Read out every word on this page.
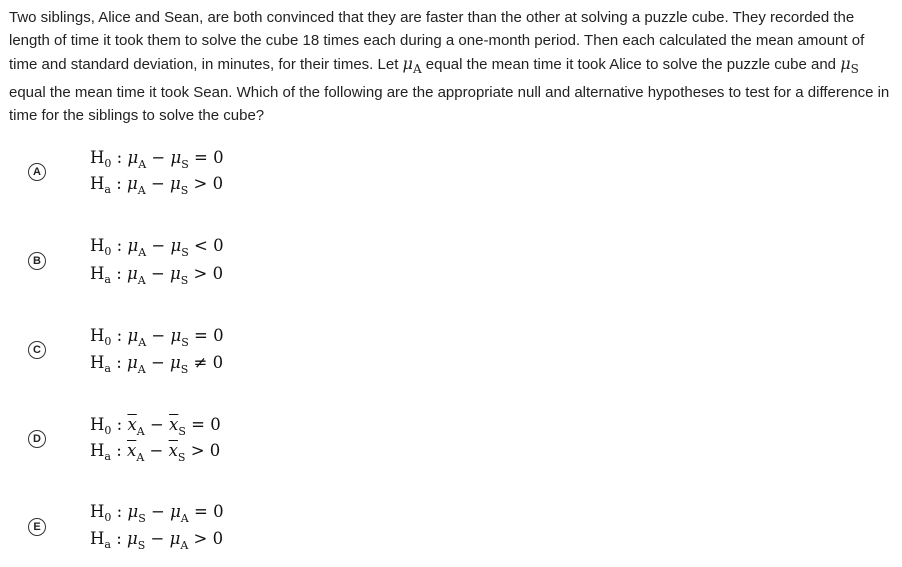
Two siblings, Alice and Sean, are both convinced that they are faster than the other at solving a puzzle cube. They recorded the length of time it took them to solve the cube 18 times each during a one-month period. Then each calculated the mean amount of time and standard deviation, in minutes, for their times. Let $\mu_A$ equal the mean time it took Alice to solve the puzzle cube and $\mu_S$ equal the mean time it took Sean. Which of the following are the appropriate null and alternative hypotheses to test for a difference in time for the siblings to solve the cube?

A
$H_0$ : $\mu_A - \mu_S = 0$
$H_a$ : $\mu_A - \mu_S > 0$
B
$H_0$ : $\mu_A - \mu_S < 0$
$H_a$ : $\mu_A - \mu_S > 0$
C
$H_0$ : $\mu_A - \mu_S = 0$
$H_a$ : $\mu_A - \mu_S \ne 0$
D
$H_0$ : $\overline{x}_A - \overline{x}_S = 0$
$H_a$ : $\overline{x}_A - \overline{x}_S > 0$
E
$H_0$ : $\mu_S - \mu_A = 0$
$H_a$ : $\mu_S - \mu_A > 0$
